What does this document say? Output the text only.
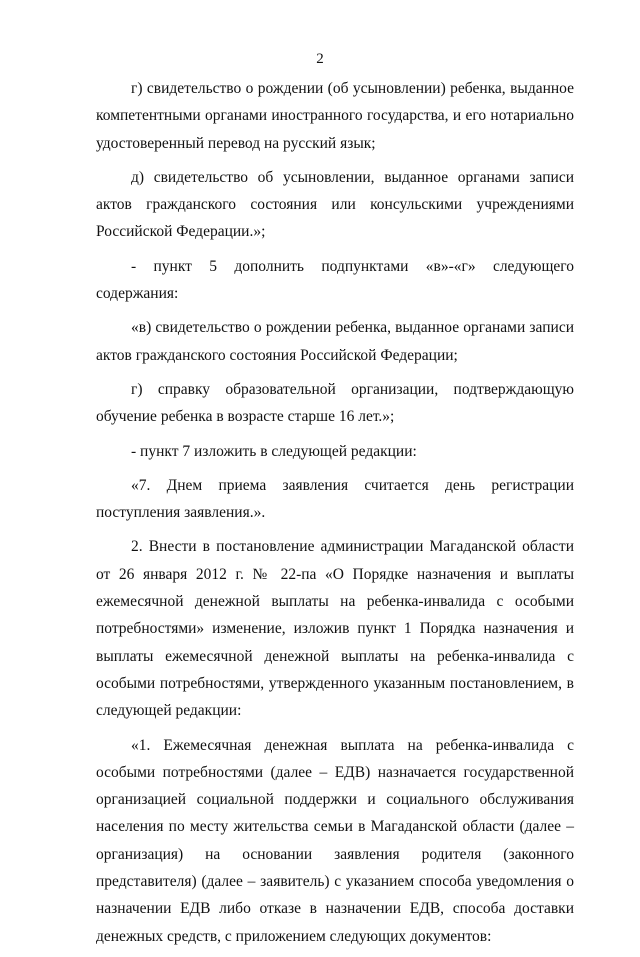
2

г) свидетельство о рождении (об усыновлении) ребенка, выданное компетентными органами иностранного государства, и его нотариально удостоверенный перевод на русский язык;

д) свидетельство об усыновлении, выданное органами записи актов гражданского состояния или консульскими учреждениями Российской Федерации.»;

- пункт 5 дополнить подпунктами «в»-«г» следующего содержания:

«в) свидетельство о рождении ребенка, выданное органами записи актов гражданского состояния Российской Федерации;

г) справку образовательной организации, подтверждающую обучение ребенка в возрасте старше 16 лет.»;

- пункт 7 изложить в следующей редакции:

«7. Днем приема заявления считается день регистрации поступления заявления.».

2. Внести в постановление администрации Магаданской области от 26 января 2012 г. № 22-па «О Порядке назначения и выплаты ежемесячной денежной выплаты на ребенка-инвалида с особыми потребностями» изменение, изложив пункт 1 Порядка назначения и выплаты ежемесячной денежной выплаты на ребенка-инвалида с особыми потребностями, утвержденного указанным постановлением, в следующей редакции:

«1. Ежемесячная денежная выплата на ребенка-инвалида с особыми потребностями (далее – ЕДВ) назначается государственной организацией социальной поддержки и социального обслуживания населения по месту жительства семьи в Магаданской области (далее – организация) на основании заявления родителя (законного представителя) (далее – заявитель) с указанием способа уведомления о назначении ЕДВ либо отказе в назначении ЕДВ, способа доставки денежных средств, с приложением следующих документов:
